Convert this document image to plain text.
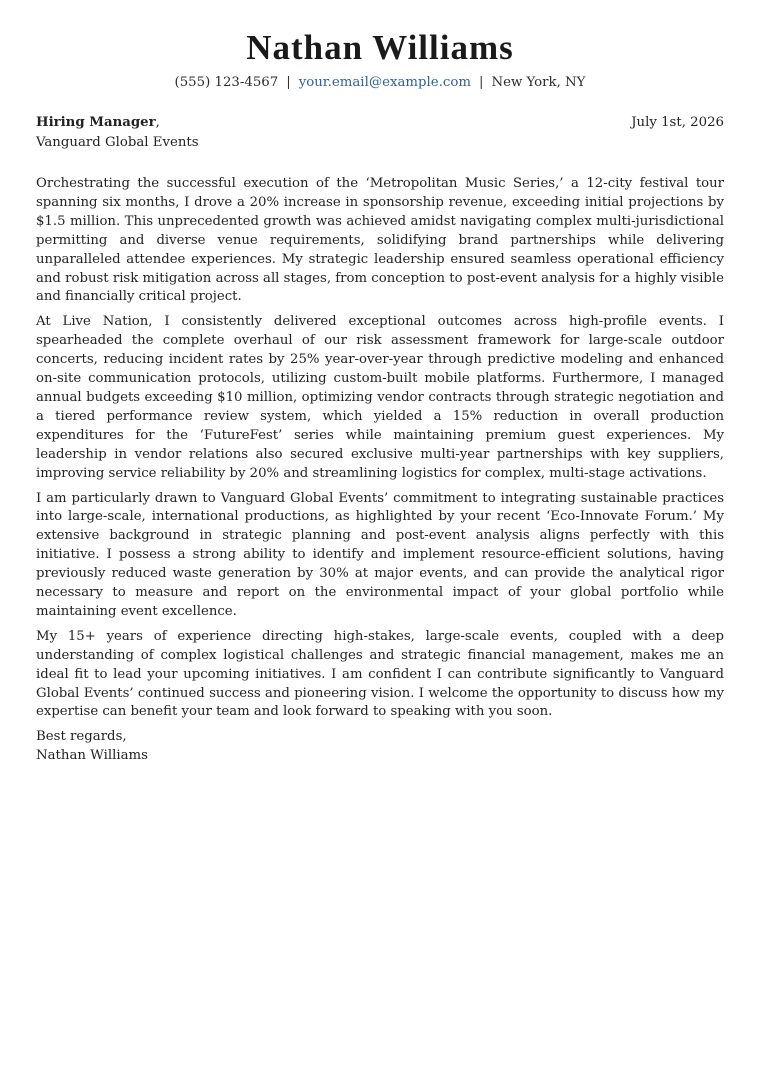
Nathan Williams
(555) 123-4567 | your.email@example.com | New York, NY
Hiring Manager,	July 1st, 2026
Vanguard Global Events

Orchestrating the successful execution of the ‘Metropolitan Music Series,’ a 12-city festival tour spanning six months, I drove a 20% increase in sponsorship revenue, exceeding initial projections by $1.5 million. This unprecedented growth was achieved amidst navigating complex multi-jurisdictional permitting and diverse venue requirements, solidifying brand partnerships while delivering unparalleled attendee experiences. My strategic leadership ensured seamless operational efficiency and robust risk mitigation across all stages, from conception to post-event analysis for a highly visible and financially critical project.

At Live Nation, I consistently delivered exceptional outcomes across high-profile events. I spearheaded the complete overhaul of our risk assessment framework for large-scale outdoor concerts, reducing incident rates by 25% year-over-year through predictive modeling and enhanced on-site communication protocols, utilizing custom-built mobile platforms. Furthermore, I managed annual budgets exceeding $10 million, optimizing vendor contracts through strategic negotiation and a tiered performance review system, which yielded a 15% reduction in overall production expenditures for the ‘FutureFest’ series while maintaining premium guest experiences. My leadership in vendor relations also secured exclusive multi-year partnerships with key suppliers, improving service reliability by 20% and streamlining logistics for complex, multi-stage activations.

I am particularly drawn to Vanguard Global Events’ commitment to integrating sustainable practices into large-scale, international productions, as highlighted by your recent ‘Eco-Innovate Forum.’ My extensive background in strategic planning and post-event analysis aligns perfectly with this initiative. I possess a strong ability to identify and implement resource-efficient solutions, having previously reduced waste generation by 30% at major events, and can provide the analytical rigor necessary to measure and report on the environmental impact of your global portfolio while maintaining event excellence.

My 15+ years of experience directing high-stakes, large-scale events, coupled with a deep understanding of complex logistical challenges and strategic financial management, makes me an ideal fit to lead your upcoming initiatives. I am confident I can contribute significantly to Vanguard Global Events’ continued success and pioneering vision. I welcome the opportunity to discuss how my expertise can benefit your team and look forward to speaking with you soon.

Best regards,
Nathan Williams
